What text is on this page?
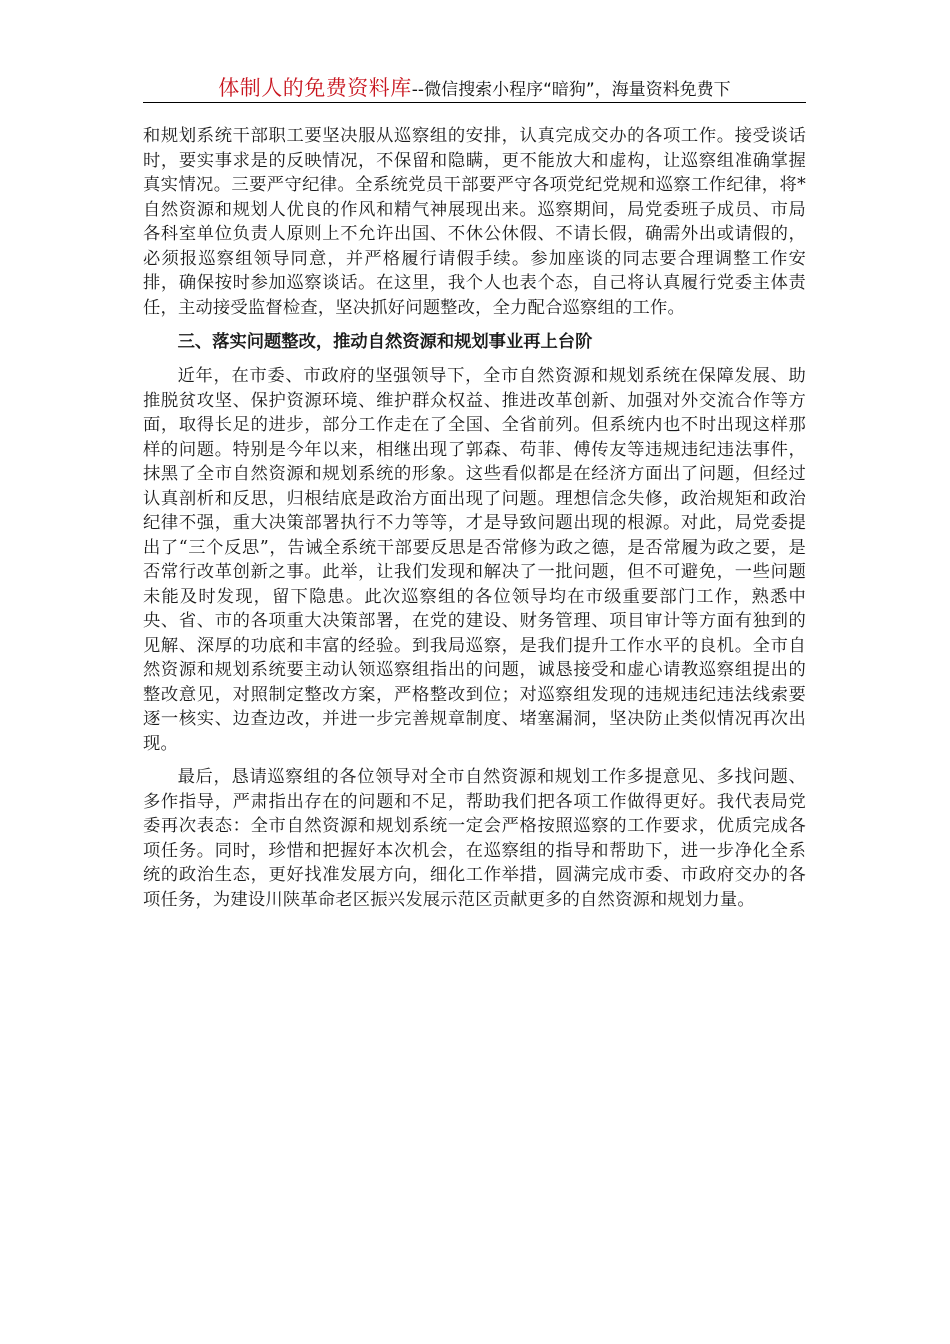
体制人的免费资料库--微信搜索小程序“暗狗”，海量资料免费下

和规划系统干部职工要坚决服从巡察组的安排，认真完成交办的各项工作。接受谈话时，要实事求是的反映情况，不保留和隐瞒，更不能放大和虚构，让巡察组准确掌握真实情况。三要严守纪律。全系统党员干部要严守各项党纪党规和巡察工作纪律，将*自然资源和规划人优良的作风和精气神展现出来。巡察期间，局党委班子成员、市局各科室单位负责人原则上不允许出国、不休公休假、不请长假，确需外出或请假的，必须报巡察组领导同意，并严格履行请假手续。参加座谈的同志要合理调整工作安排，确保按时参加巡察谈话。在这里，我个人也表个态，自己将认真履行党委主体责任，主动接受监督检查，坚决抓好问题整改，全力配合巡察组的工作。

三、落实问题整改，推动自然资源和规划事业再上台阶

近年，在市委、市政府的坚强领导下，全市自然资源和规划系统在保障发展、助推脱贫攻坚、保护资源环境、维护群众权益、推进改革创新、加强对外交流合作等方面，取得长足的进步，部分工作走在了全国、全省前列。但系统内也不时出现这样那样的问题。特别是今年以来，相继出现了郭森、苟菲、傅传友等违规违纪违法事件，抹黑了全市自然资源和规划系统的形象。这些看似都是在经济方面出了问题，但经过认真剖析和反思，归根结底是政治方面出现了问题。理想信念失修，政治规矩和政治纪律不强，重大决策部署执行不力等等，才是导致问题出现的根源。对此，局党委提出了“三个反思”，告诫全系统干部要反思是否常修为政之德，是否常履为政之要，是否常行改革创新之事。此举，让我们发现和解决了一批问题，但不可避免，一些问题未能及时发现，留下隐患。此次巡察组的各位领导均在市级重要部门工作，熟悉中央、省、市的各项重大决策部署，在党的建设、财务管理、项目审计等方面有独到的见解、深厚的功底和丰富的经验。到我局巡察，是我们提升工作水平的良机。全市自然资源和规划系统要主动认领巡察组指出的问题，诚恳接受和虚心请教巡察组提出的整改意见，对照制定整改方案，严格整改到位；对巡察组发现的违规违纪违法线索要逐一核实、边查边改，并进一步完善规章制度、堵塞漏洞，坚决防止类似情况再次出现。

最后，恳请巡察组的各位领导对全市自然资源和规划工作多提意见、多找问题、多作指导，严肃指出存在的问题和不足，帮助我们把各项工作做得更好。我代表局党委再次表态：全市自然资源和规划系统一定会严格按照巡察的工作要求，优质完成各项任务。同时，珍惜和把握好本次机会，在巡察组的指导和帮助下，进一步净化全系统的政治生态，更好找准发展方向，细化工作举措，圆满完成市委、市政府交办的各项任务，为建设川陕革命老区振兴发展示范区贡献更多的自然资源和规划力量。
